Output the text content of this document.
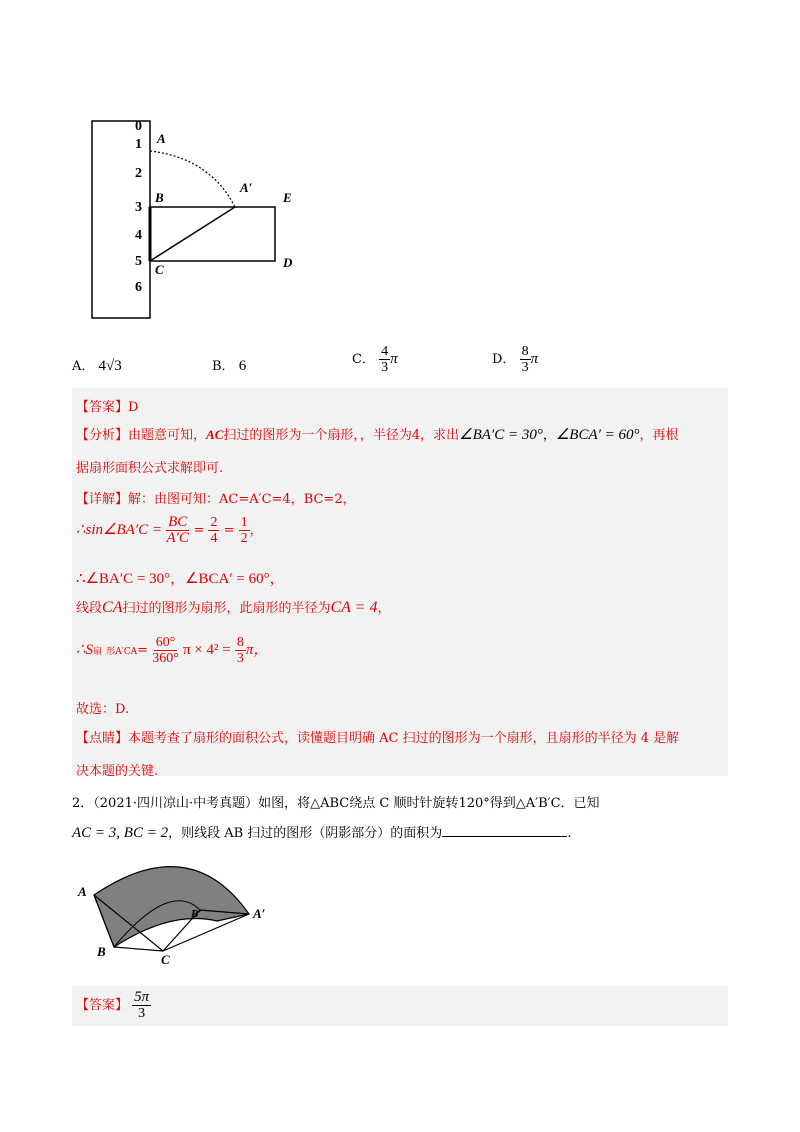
0
1
2
3
4
5
6
A
A′
B
C
E
D
A． 4√3	B． 6	C． $\frac{4}{3}$ π	D． $\frac{8}{3}$ π
【答案】D
【分析】由题意可知，AC扫过的图形为一个扇形，，半径为4，求出∠BA′C = 30°，∠BCA′ = 60°，再根
据扇形面积公式求解即可.
【详解】解：由图可知：AC=A′C=4，BC=2，
∴sin∠BA′C = $\frac{BC}{A'C} = \frac{2}{4} = \frac{1}{2}$ ，
∴∠BA′C = 30°，∠BCA′ = 60°，
线段CA扫过的图形为扇形，此扇形的半径为CA = 4，
∴S扇 形$A'CA= \frac{60^\circ}{360^\circ}$ $\pi \times 4^2 = \frac{8}{3}$ π，
故选：D.
【点睛】本题考查了扇形的面积公式，读懂题目明确 AC 扫过的图形为一个扇形，且扇形的半径为 4 是解
决本题的关键.
2．（2021·四川凉山·中考真题）如图，将△ABC绕点 C 顺时针旋转120°得到△A′B′C．已知
AC = 3, BC = 2，则线段 AB 扫过的图形（阴影部分）的面积为	.
A
B
C
A′
B′
【答案】 $\frac{5\pi}{3}$
